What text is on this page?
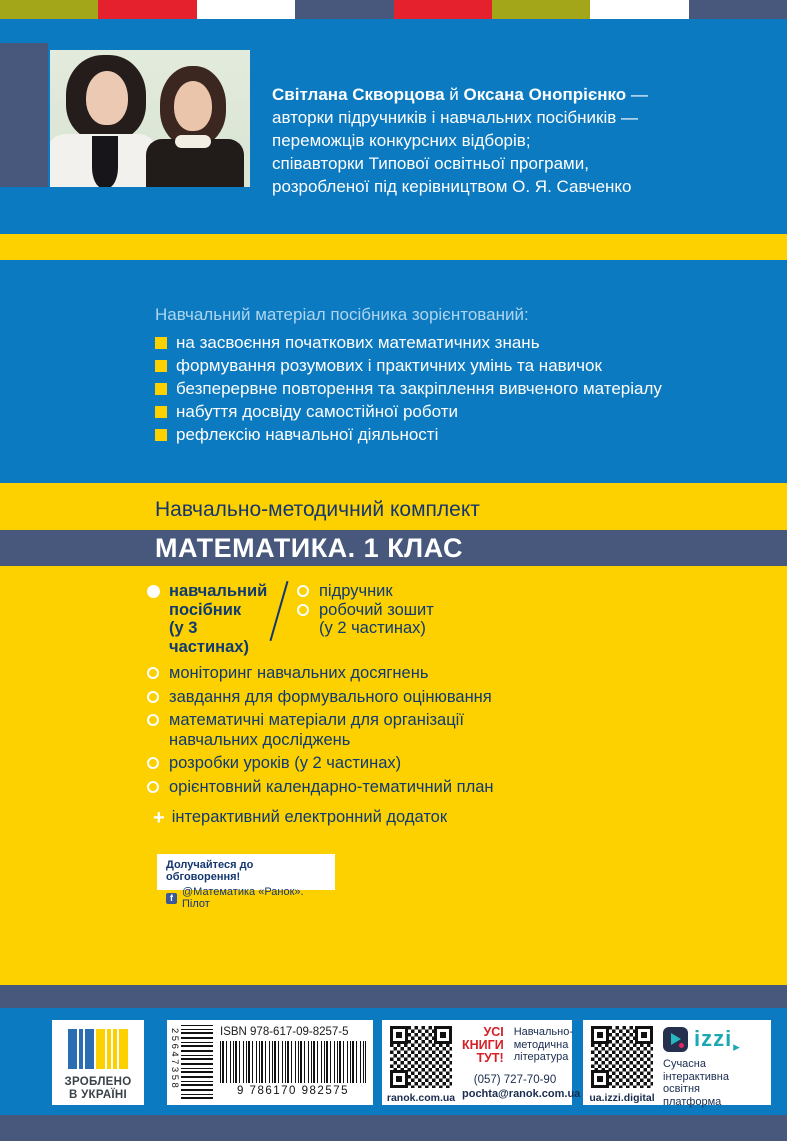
Світлана Скворцова й Оксана Онопрієнко —
авторки підручників і навчальних посібників —
переможців конкурсних відборів;
співавторки Типової освітньої програми,
розробленої під керівництвом О. Я. Савченко
Навчальний матеріал посібника зорієнтований:
на засвоєння початкових математичних знань
формування розумових і практичних умінь та навичок
безперервне повторення та закріплення вивченого матеріалу
набуття досвіду самостійної роботи
рефлексію навчальної діяльності
Навчально-методичний комплект
МАТЕМАТИКА. 1 КЛАС
навчальний
посібник
(у 3 частинах)
підручник
робочий зошит
(у 2 частинах)
моніторинг навчальних досягнень
завдання для формувального оцінювання
математичні матеріали для організації
навчальних досліджень
розробки уроків (у 2 частинах)
орієнтовний календарно-тематичний план
+ інтерактивний електронний додаток
Долучайтеся до обговорення!
f @Математика «Ранок». Пілот
ЗРОБЛЕНО
В УКРАЇНІ
25647358	ISBN 978-617-09-8257-5
9 786170 982575
ranok.com.ua
УСІ
КНИГИ
ТУТ!
Навчально-
методична
література
(057) 727-70-90
pochta@ranok.com.ua ua.izzi.digital
izzi ▸
Сучасна
інтерактивна
освітня
платформа
